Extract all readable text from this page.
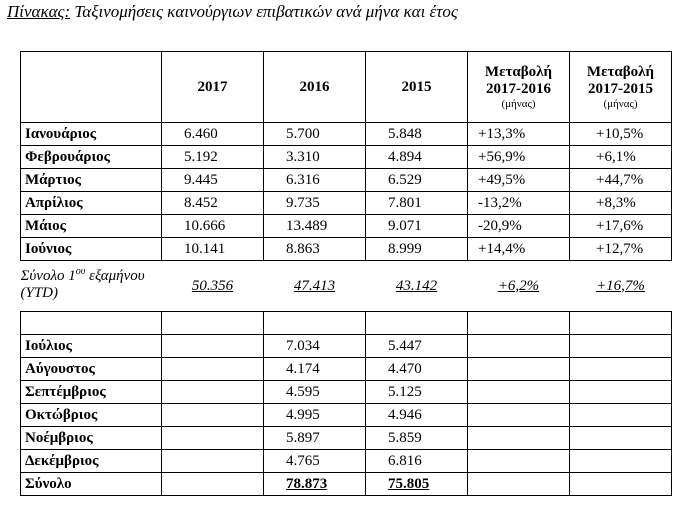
Πίνακας: Ταξινομήσεις καινούργιων επιβατικών ανά μήνα και έτος
	2017	2016	2015	Μεταβολή
2017-2016
(μήνας)	Μεταβολή
2017-2015
(μήνας)

Ιανουάριος	6.460	5.700	5.848	+13,3%	+10,5%
Φεβρουάριος	5.192	3.310	4.894	+56,9%	+6,1%
Μάρτιος	9.445	6.316	6.529	+49,5%	+44,7%
Απρίλιος	8.452	9.735	7.801	-13,2%	+8,3%
Μάιος	10.666	13.489	9.071	-20,9%	+17,6%
Ιούνιος	10.141	8.863	8.999	+14,4%	+12,7%
Σύνολο $1^{o\upsilon}$ εξαμήνου (YTD)	50.356	47.413	43.142	+6,2%	+16,7%

Ιούλιος		7.034	5.447		
Αύγουστος		4.174	4.470		
Σεπτέμβριος		4.595	5.125		
Οκτώβριος		4.995	4.946		
Νοέμβριος		5.897	5.859		
Δεκέμβριος		4.765	6.816		
Σύνολο		78.873	75.805		
